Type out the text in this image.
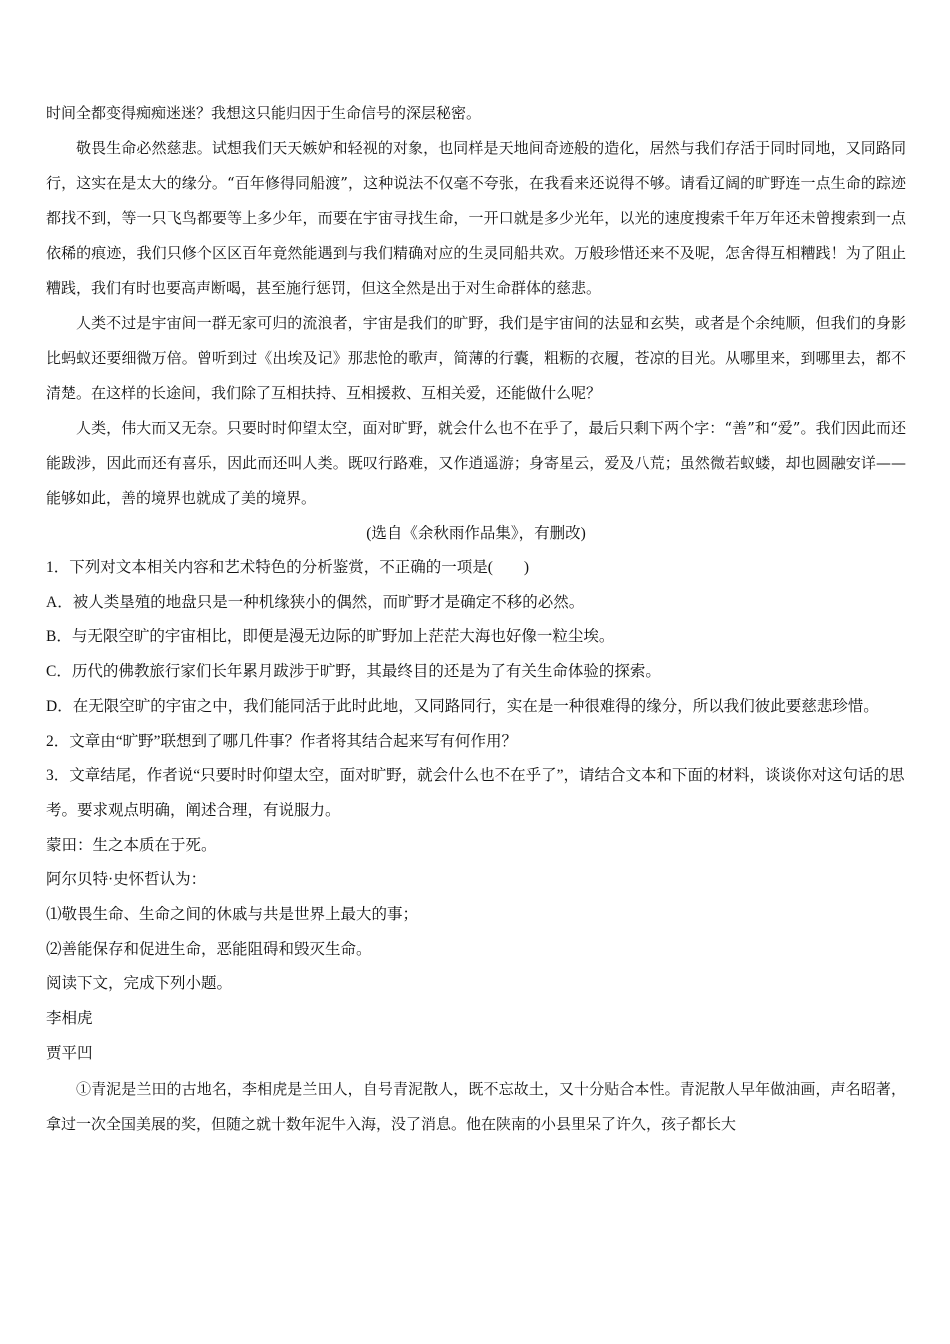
时间全都变得痴痴迷迷？我想这只能归因于生命信号的深层秘密。

敬畏生命必然慈悲。试想我们天天嫉妒和轻视的对象，也同样是天地间奇迹般的造化，居然与我们存活于同时同地，又同路同行，这实在是太大的缘分。“百年修得同船渡”，这种说法不仅毫不夸张，在我看来还说得不够。请看辽阔的旷野连一点生命的踪迹都找不到，等一只飞鸟都要等上多少年，而要在宇宙寻找生命，一开口就是多少光年，以光的速度搜索千年万年还未曾搜索到一点依稀的痕迹，我们只修个区区百年竟然能遇到与我们精确对应的生灵同船共欢。万般珍惜还来不及呢，怎舍得互相糟践！为了阻止糟践，我们有时也要高声断喝，甚至施行惩罚，但这全然是出于对生命群体的慈悲。

人类不过是宇宙间一群无家可归的流浪者，宇宙是我们的旷野，我们是宇宙间的法显和玄奘，或者是个余纯顺，但我们的身影比蚂蚁还要细微万倍。曾听到过《出埃及记》那悲怆的歌声，简薄的行囊，粗粝的衣履，苍凉的目光。从哪里来，到哪里去，都不清楚。在这样的长途间，我们除了互相扶持、互相援救、互相关爱，还能做什么呢？

人类，伟大而又无奈。只要时时仰望太空，面对旷野，就会什么也不在乎了，最后只剩下两个字：“善”和“爱”。我们因此而还能跋涉，因此而还有喜乐，因此而还叫人类。既叹行路难，又作逍遥游；身寄星云，爱及八荒；虽然微若蚁蝼，却也圆融安详——能够如此，善的境界也就成了美的境界。

(选自《余秋雨作品集》，有删改)

1．下列对文本相关内容和艺术特色的分析鉴赏，不正确的一项是(　　)

A．被人类垦殖的地盘只是一种机缘狭小的偶然，而旷野才是确定不移的必然。

B．与无限空旷的宇宙相比，即便是漫无边际的旷野加上茫茫大海也好像一粒尘埃。

C．历代的佛教旅行家们长年累月跋涉于旷野，其最终目的还是为了有关生命体验的探索。

D．在无限空旷的宇宙之中，我们能同活于此时此地，又同路同行，实在是一种很难得的缘分，所以我们彼此要慈悲珍惜。

2．文章由“旷野”联想到了哪几件事？作者将其结合起来写有何作用？

3．文章结尾，作者说“只要时时仰望太空，面对旷野，就会什么也不在乎了”，请结合文本和下面的材料，谈谈你对这句话的思考。要求观点明确，阐述合理，有说服力。

蒙田：生之本质在于死。

阿尔贝特·史怀哲认为：

⑴敬畏生命、生命之间的休戚与共是世界上最大的事；

⑵善能保存和促进生命，恶能阻碍和毁灭生命。

阅读下文，完成下列小题。

李相虎

贾平凹

①青泥是兰田的古地名，李相虎是兰田人，自号青泥散人，既不忘故土，又十分贴合本性。青泥散人早年做油画，声名昭著，拿过一次全国美展的奖，但随之就十数年泥牛入海，没了消息。他在陕南的小县里呆了许久，孩子都长大
